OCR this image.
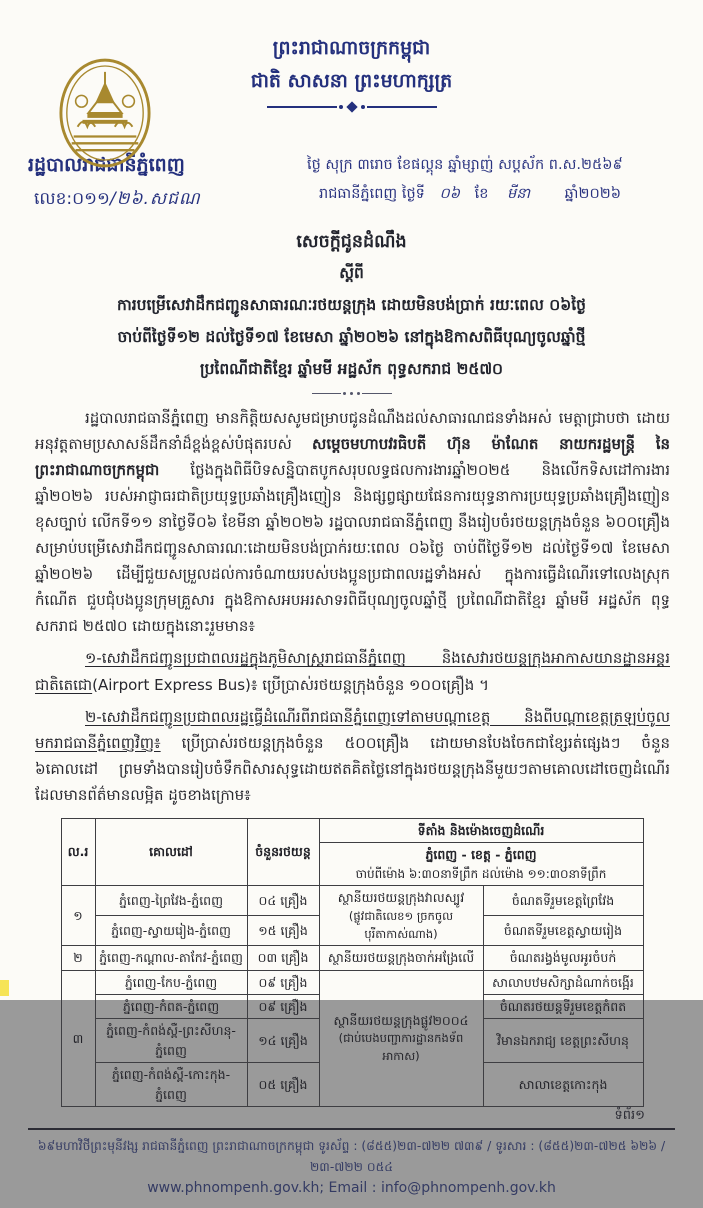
ព្រះរាជាណាចក្រកម្ពុជា
ជាតិ សាសនា ព្រះមហាក្សត្រ
រដ្ឋបាលរាជធានីភ្នំពេញ
លេខ:០១១/២៦.សជណ
ថ្ងៃ សុក្រ ៣រោច ខែផល្គុន ឆ្នាំម្សាញ់ សប្តស័ក ព.ស.២៥៦៩
រាជធានីភ្នំពេញ ថ្ងៃទី ០៦ ខែ មីនា ឆ្នាំ២០២៦
សេចក្តីជូនដំណឹង
ស្តីពី
ការបម្រើសេវាដឹកជញ្ជូនសាធារណៈរថយន្តក្រុង ដោយមិនបង់ប្រាក់ រយៈពេល ០៦ថ្ងៃ
ចាប់ពីថ្ងៃទី១២ ដល់ថ្ងៃទី១៧ ខែមេសា ឆ្នាំ២០២៦ នៅក្នុងឱកាសពិធីបុណ្យចូលឆ្នាំថ្មី
ប្រពៃណីជាតិខ្មែរ ឆ្នាំមមី អដ្ឋស័ក ពុទ្ធសករាជ ២៥៧០

រដ្ឋបាលរាជធានីភ្នំពេញ មានកិត្តិយសសូមជម្រាបជូនដំណឹងដល់សាធារណជនទាំងអស់ មេត្តាជ្រាបថា ដោយអនុវត្តតាមប្រសាសន៍ដឹកនាំដ៏ខ្ពង់ខ្ពស់បំផុតរបស់ សម្តេចមហាបវរធិបតី ហ៊ុន ម៉ាណែត នាយករដ្ឋមន្ត្រី នៃព្រះរាជាណាចក្រកម្ពុជា ថ្លែងក្នុងពិធីបិទសន្និបាតបូកសរុបលទ្ធផលការងារឆ្នាំ២០២៥ និងលើកទិសដៅការងារឆ្នាំ២០២៦ របស់អាជ្ញាធរជាតិប្រយុទ្ធប្រឆាំងគ្រឿងញៀន និងផ្សព្វផ្សាយផែនការយុទ្ធនាការប្រយុទ្ធប្រឆាំងគ្រឿងញៀនខុសច្បាប់ លើកទី១១ នាថ្ងៃទី០៦ ខែមីនា ឆ្នាំ២០២៦ រដ្ឋបាលរាជធានីភ្នំពេញ នឹងរៀបចំរថយន្តក្រុងចំនួន ៦០០គ្រឿង សម្រាប់បម្រើសេវាដឹកជញ្ជូនសាធារណៈដោយមិនបង់ប្រាក់រយៈពេល ០៦ថ្ងៃ ចាប់ពីថ្ងៃទី១២ ដល់ថ្ងៃទី១៧ ខែមេសា ឆ្នាំ២០២៦ ដើម្បីជួយសម្រួលដល់ការចំណាយរបស់បងប្អូនប្រជាពលរដ្ឋទាំងអស់ ក្នុងការធ្វើដំណើរទៅលេងស្រុកកំណើត ជួបជុំបងប្អូនក្រុមគ្រួសារ ក្នុងឱកាសអបអរសាទរពិធីបុណ្យចូលឆ្នាំថ្មី ប្រពៃណីជាតិខ្មែរ ឆ្នាំមមី អដ្ឋស័ក ពុទ្ធសករាជ ២៥៧០ ដោយក្នុងនោះរួមមាន៖

១-សេវាដឹកជញ្ជូនប្រជាពលរដ្ឋក្នុងភូមិសាស្ត្ររាជធានីភ្នំពេញ និងសេវារថយន្តក្រុងអាកាសយានដ្ឋានអន្តរជាតិតេជោ(Airport Express Bus)៖ ប្រើប្រាស់រថយន្តក្រុងចំនួន ១០០គ្រឿង ។

២-សេវាដឹកជញ្ជូនប្រជាពលរដ្ឋធ្វើដំណើរពីរាជធានីភ្នំពេញទៅតាមបណ្តាខេត្ត និងពីបណ្តាខេត្តត្រឡប់ចូលមករាជធានីភ្នំពេញវិញ៖ ប្រើប្រាស់រថយន្តក្រុងចំនួន ៥០០គ្រឿង ដោយមានបែងចែកជាខ្សែរត់ផ្សេងៗ ចំនួន ៦គោលដៅ ព្រមទាំងបានរៀបចំទឹកពិសារសុទ្ធដោយឥតគិតថ្លៃនៅក្នុងរថយន្តក្រុងនីមួយៗតាមគោលដៅចេញដំណើរ ដែលមានព័ត៌មានលម្អិត ដូចខាងក្រោម៖

ល.រ	គោលដៅ	ចំនួនរថយន្ត	ទីតាំង និងម៉ោងចេញដំណើរ	

			ភ្នំពេញ - ខេត្ត - ភ្នំពេញ
ចាប់ពីម៉ោង ៦:៣០នាទីព្រឹក ដល់ម៉ោង ១១:៣០នាទីព្រឹក	

១	ភ្នំពេញ-ព្រៃវែង-ភ្នំពេញ	០៤ គ្រឿង	ស្ថានីយរថយន្តក្រុងវាលស្បូវ
(ផ្លូវជាតិលេខ១ ច្រកចូលបុរីតាកាស់ណាង)	ចំណតទីរួមខេត្តព្រៃវែង
	ភ្នំពេញ-ស្វាយរៀង-ភ្នំពេញ	១៥ គ្រឿង		ចំណតទីរួមខេត្តស្វាយរៀង
២	ភ្នំពេញ-កណ្តាល-តាកែវ-ភ្នំពេញ	០៣ គ្រឿង	ស្ថានីយរថយន្តក្រុងចាក់អង្រែលើ	ចំណតរង្វង់មូលអូរចំបក់
៣	ភ្នំពេញ-កែប-ភ្នំពេញ	០៩ គ្រឿង	ស្ថានីយរថយន្តក្រុងផ្លូវ២០០៤
(ជាប់បេងបញ្ជាការដ្ឋានកងទ័ពអាកាស)	សាលាបឋមសិក្សាដំណាក់ចង្អើរ
	ភ្នំពេញ-កំពត-ភ្នំពេញ	០៩ គ្រឿង		ចំណតរថយន្តទីរួមខេត្តកំពត
	ភ្នំពេញ-កំពង់ស្ពឺ-ព្រះសីហនុ-ភ្នំពេញ	១៤ គ្រឿង		វិមានឯករាជ្យ ខេត្តព្រះសីហនុ
	ភ្នំពេញ-កំពង់ស្ពឺ-កោះកុង-ភ្នំពេញ	០៥ គ្រឿង		សាលាខេត្តកោះកុង
ទំព័រ១
៦៩មហាវិថីព្រះមុនីវង្ស រាជធានីភ្នំពេញ ព្រះរាជាណាចក្រកម្ពុជា ទូរស័ព្ទ : (៨៥៥)២៣-៧២២ ៧៣៩ / ទូរសារ : (៨៥៥)២៣-៧២៥ ៦២៦ / ២៣-៧២២ ០៥៤
www.phnompenh.gov.kh; Email : info@phnompenh.gov.kh
